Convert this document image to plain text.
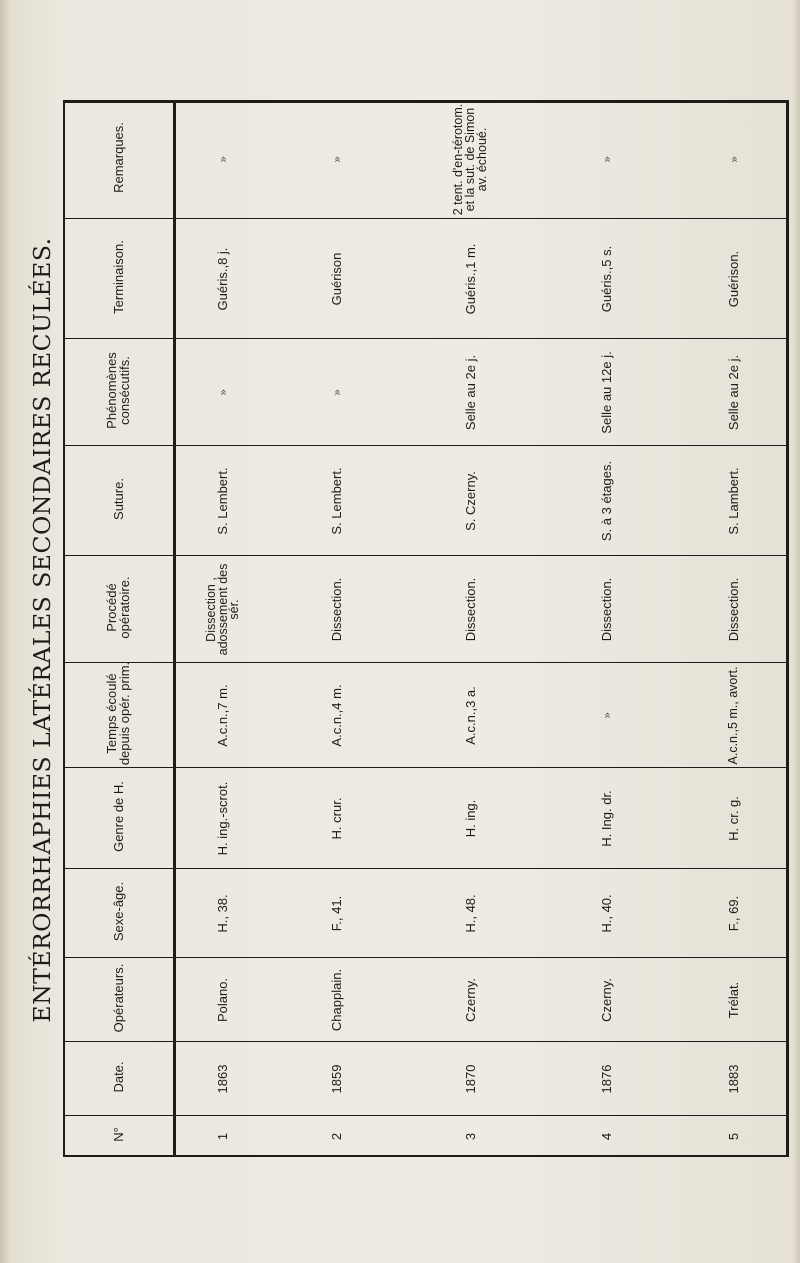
ENTÉRORRHAPHIES LATÉRALES SECONDAIRES RECULÉES.
N°
Date.
Opérateurs.
Sexe-âge.
Genre de H.
Temps écoulé depuis opér. prim.
Procédé opératoire.
Suture.
Phénomènes consécutifs.
Terminaison.
Remarques.
1
1863
Polano.
H., 38.
H. ing.-scrot.
A.c.n.,7 m.
Dissection , adossement des sér.
S. Lembert.
»
Guéris.,8 j.
»
2
1859
Chapplain.
F., 41.
H. crur.
A.c.n.,4 m.
Dissection.
S. Lembert.
»
Guérison
»
3
1870
Czerny.
H., 48.
H. ing.
A.c.n.,3 a.
Dissection.
S. Czerny.
Selle au 2e j.
Guéris.,1 m.
2 tent. d'en-térotom. et la sut. de Simon av. échoué.
4
1876
Czerny.
H., 40.
H. Ing. dr.
»
Dissection.
S. à 3 étages.
Selle au 12e j.
Guéris.,5 s.
»
5
1883
Trélat.
F., 69.
H. cr. g.
A.c.n.,5 m., avort.
Dissection.
S. Lambert.
Selle au 2e j.
Guérison.
»
